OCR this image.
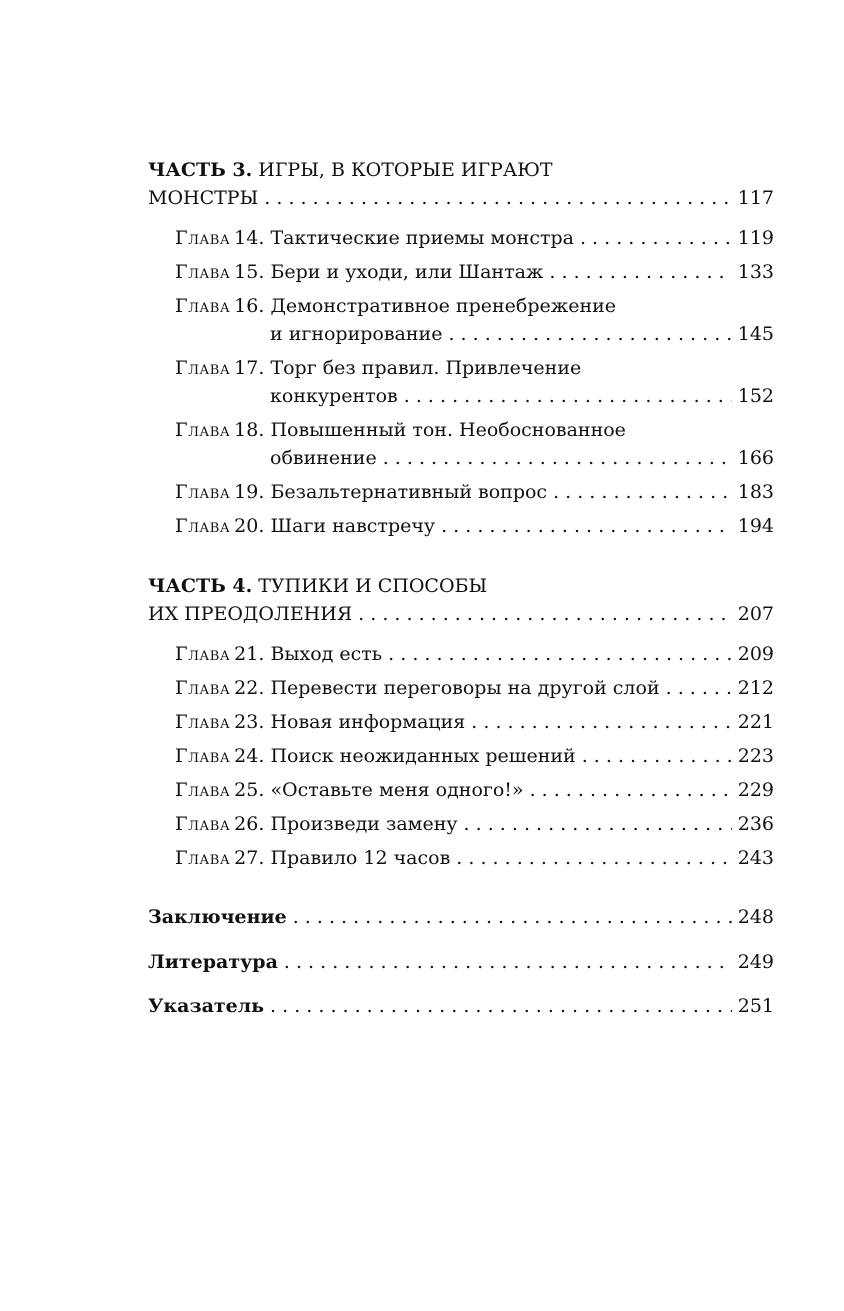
ЧАСТЬ 3.
ИГРЫ, В КОТОРЫЕ ИГРАЮТ
МОНСТРЫ . . .	117
Глава 14.
Тактические приемы монстра . . .	119
Глава 15.
Бери и уходи, или Шантаж . . .	133
Глава 16.
Демонстративное пренебрежение
и игнорирование . . .	145
Глава 17.
Торг без правил. Привлечение
конкурентов . . .	152
Глава 18.
Повышенный тон. Необоснованное
обвинение . . .	166
Глава 19.
Безальтернативный вопрос . . .	183
Глава 20.
Шаги навстречу . . .	194
ЧАСТЬ 4.
ТУПИКИ И СПОСОБЫ
ИХ ПРЕОДОЛЕНИЯ . . .	207
Глава 21.
Выход есть . . .	209
Глава 22.
Перевести переговоры на другой слой . . .	212
Глава 23.
Новая информация . . .	221
Глава 24.
Поиск неожиданных решений . . .	223
Глава 25.
«Оставьте меня одного!» . . .	229
Глава 26.
Произведи замену . . .	236
Глава 27.
Правило 12 часов . . .	243
Заключение . . .	248
Литература . . .	249
Указатель . . .	251
